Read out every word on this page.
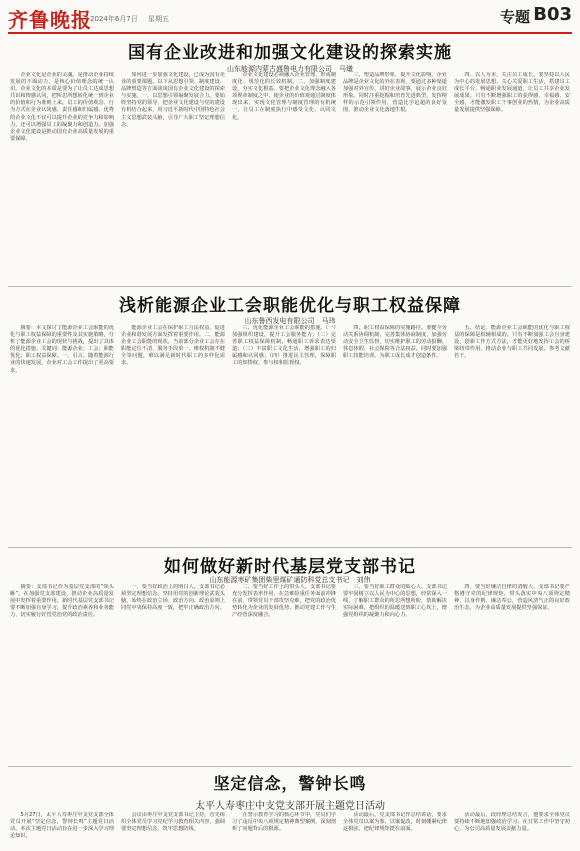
齐鲁晚报
2024年6月7日 星期五	专题 B03
国有企业改进和加强文化建设的探索实施
山东能源内蒙古盛鲁电力有限公司　马爔

企业文化是企业的灵魂，是推动企业持续发展的不竭动力，是核心价值理念的统一认识。企业文化的本质是要为了让员工达成思想共识和情感认同，把所思所想转化统一到企业的价值和行为准则上来。员工的价值观念、行为方式在企业认同感、责任感和归属感。优秀的企业文化不仅可以提升企业的竞争力和影响力，还可以增强员工的凝聚力和创造力。加强企业文化建设是推动国有企业高质量发展的重要保障。

如何进一步加强文化建设，已成为国有企业的重要课题。以下从思想引领、制度建设、品牌塑造等方面谈谈国有企业文化建设的探索与实施。一、以思想引领凝聚发展合力。要始终坚持党的领导，把企业文化建设与党的建设有机结合起来，用习近平新时代中国特色社会主义思想武装头脑，引导广大职工坚定理想信念。

企业文化建设必须融入企业管理，形成制度化、规范化的长效机制。二、加强制度建设，夯实文化根基。要把企业文化理念融入各项规章制度之中，使企业的价值观通过制度体现出来，实现文化管理与制度管理的有机统一，让员工在制度执行中感受文化、认同文化。

三、塑造品牌形象，提升文化影响。企业品牌是企业文化的外在表现，要通过多种渠道加强对外宣传，讲好企业故事，展示企业良好形象。同时注重挖掘和培育先进典型，发挥榜样的示范引领作用，营造比学赶超的良好氛围，推动企业文化落地生根。

四、以人为本，关注员工成长。要坚持以人民为中心的发展思想，关心关爱职工生活，搭建员工成长平台，畅通职业发展通道，让员工共享企业发展成果。只有不断增强职工的获得感、幸福感、安全感，才能激发职工干事创业的热情，为企业高质量发展提供坚强保障。

浅析能源企业工会职能优化与职工权益保障
山东鲁西发电有限公司　马玮

摘要：本文探讨了能源企业工会职能的优化与职工权益保障的重要性及其实施策略，分析了能源企业工会的现状与挑战，提出了具体的优化措施。关键词：能源企业；工会；职能优化；职工权益保障。一、引言。随着能源行业的快速发展，企业对工会工作提出了更高要求。

能源企业工会在保护职工合法权益、促进企业和谐发展方面发挥着重要作用。二、能源企业工会职能的现状。当前部分企业工会存在职能定位不清、服务手段单一、维权机制不健全等问题，难以满足新时代职工的多样化需求。

三、优化能源企业工会职能的措施。（一）加强组织建设，提升工会服务能力；（二）完善职工权益保障机制，畅通职工诉求表达渠道；（三）丰富职工文化生活，增强职工的归属感和认同感；（四）推进民主管理，保障职工的知情权、参与权和监督权。

四、职工权益保障的实施路径。要健全劳动关系协调机制，完善集体协商制度，加强劳动安全卫生监督，切实维护职工的劳动报酬、休息休假、社会保险等合法权益。同时要加强职工技能培训，为职工成长成才创造条件。

五、结论。能源企业工会职能的优化与职工权益的保障是相辅相成的。只有不断加强工会自身建设，创新工作方式方法，才能更好地发挥工会的桥梁纽带作用，推动企业与职工共同发展。参考文献若干。

如何做好新时代基层党支部书记
山东能源枣矿集团柴里煤矿通防科党总支书记　刘伟

摘要：支部书记作为基层党支部的“领头雁”，在加强党支部建设、推动企业高质量发展中发挥着重要作用。新时代基层党支部书记要不断加强自身学习，提升政治素养和业务能力，切实履行好管党治党的政治责任。

一、要当好政治上的明白人。支部书记必须坚定理想信念，坚持用党的创新理论武装头脑，始终在政治立场、政治方向、政治原则上同党中央保持高度一致，把牢正确政治方向。

二、要当好工作上的带头人。支部书记要充分发挥表率作用，在急难险重任务面前冲锋在前，带领党员干部攻坚克难，把党的政治优势转化为企业的发展优势，推动党建工作与生产经营深度融合。

三、要当好职工群众的贴心人。支部书记要牢固树立以人民为中心的思想，经常深入一线，了解职工群众的所思所想所盼，帮助解决实际困难，把组织的温暖送到职工心坎上，增强党组织的凝聚力和向心力。

四、要当好廉洁自律的清醒人。支部书记要严格遵守党的纪律规矩，带头落实中央八项规定精神，以身作则、廉洁奉公，营造风清气正的良好政治生态，为企业高质量发展提供坚强保证。

坚定信念，警钟长鸣
太平人寿枣庄中支党支部开展主题党日活动

5月27日，太平人寿枣庄中支党支部全体党员开展“坚定信念，警钟长鸣”主题党日活动。本次主题党日活动旨在进一步深入学习理论知识，

会议由枣庄中支党支部书记主持，首先组织全体党员学习党纪学习教育相关内容，强调要坚定理想信念，筑牢思想防线。

在警示教育学习的核心环节中，党员们学习了违反中央八项规定精神典型案例，深刻剖析了问题背后的根源。

活动最后，党支部书记作总结讲话，要求全体党员以案为鉴、以案促改，时刻绷紧纪律这根弦，把纪律规矩挺在前面。

活动最后，段经理总结发言，他要求全体党员要持续不断地加强政治学习，在日常工作中坚守初心，为公司高质量发展贡献力量。
